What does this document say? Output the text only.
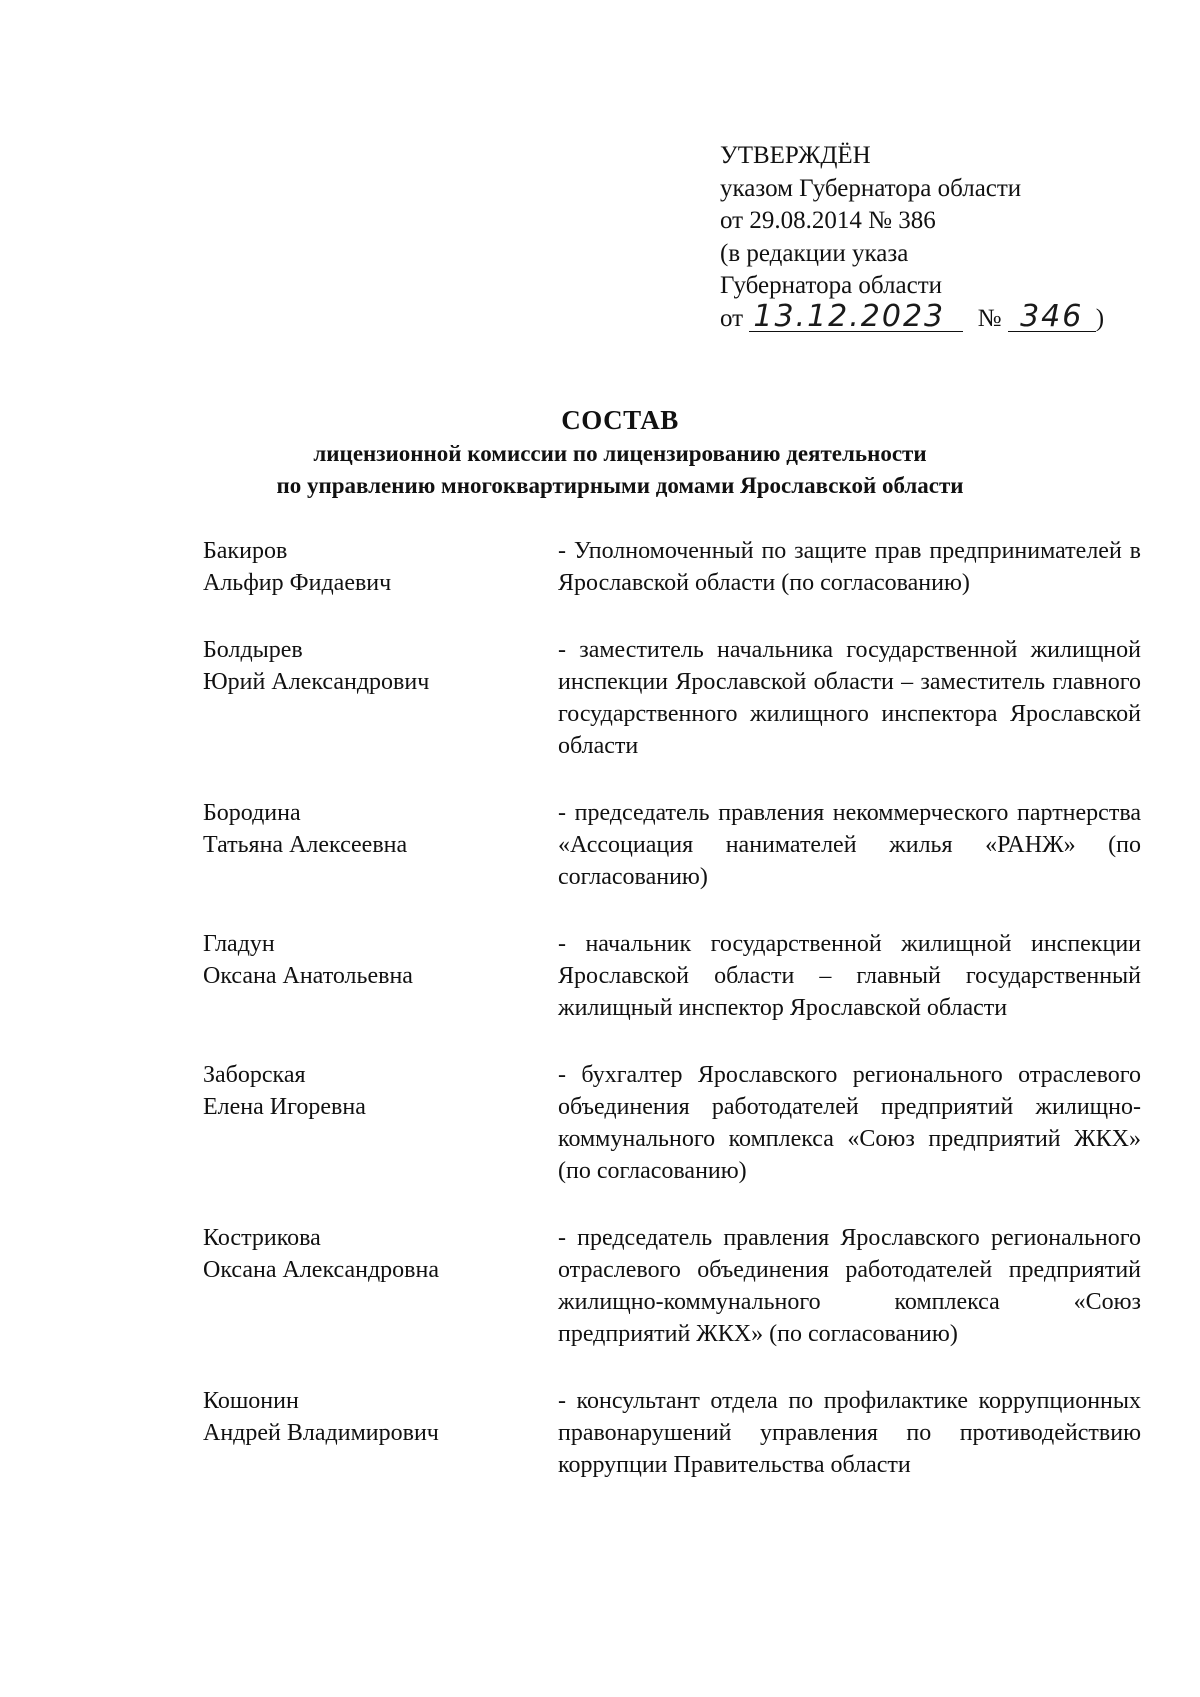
УТВЕРЖДЁН
указом Губернатора области
от 29.08.2014 № 386
(в редакции указа
Губернатора области
от 13.12.2023 № 346 )
СОСТАВ
лицензионной комиссии по лицензированию деятельности
по управлению многоквартирными домами Ярославской области
Бакиров
Альфир Фидаевич
- Уполномоченный по защите прав предпринимателей в Ярославской области (по согласованию)
Болдырев
Юрий Александрович
- заместитель начальника государственной жилищной инспекции Ярославской области – заместитель главного государственного жилищного инспектора Ярославской области
Бородина
Татьяна Алексеевна
- председатель правления некоммерческого партнерства «Ассоциация нанимателей жилья «РАНЖ» (по согласованию)
Гладун
Оксана Анатольевна
- начальник государственной жилищной инспекции Ярославской области – главный государственный жилищный инспектор Ярославской области
Заборская
Елена Игоревна
- бухгалтер Ярославского регионального отраслевого объединения работодателей предприятий жилищно-коммунального комплекса «Союз предприятий ЖКХ» (по согласованию)
Кострикова
Оксана Александровна
- председатель правления Ярославского регионального отраслевого объединения работодателей предприятий жилищно-коммунального комплекса «Союз предприятий ЖКХ» (по согласованию)
Кошонин
Андрей Владимирович
- консультант отдела по профилактике коррупционных правонарушений управления по противодействию коррупции Правительства области
